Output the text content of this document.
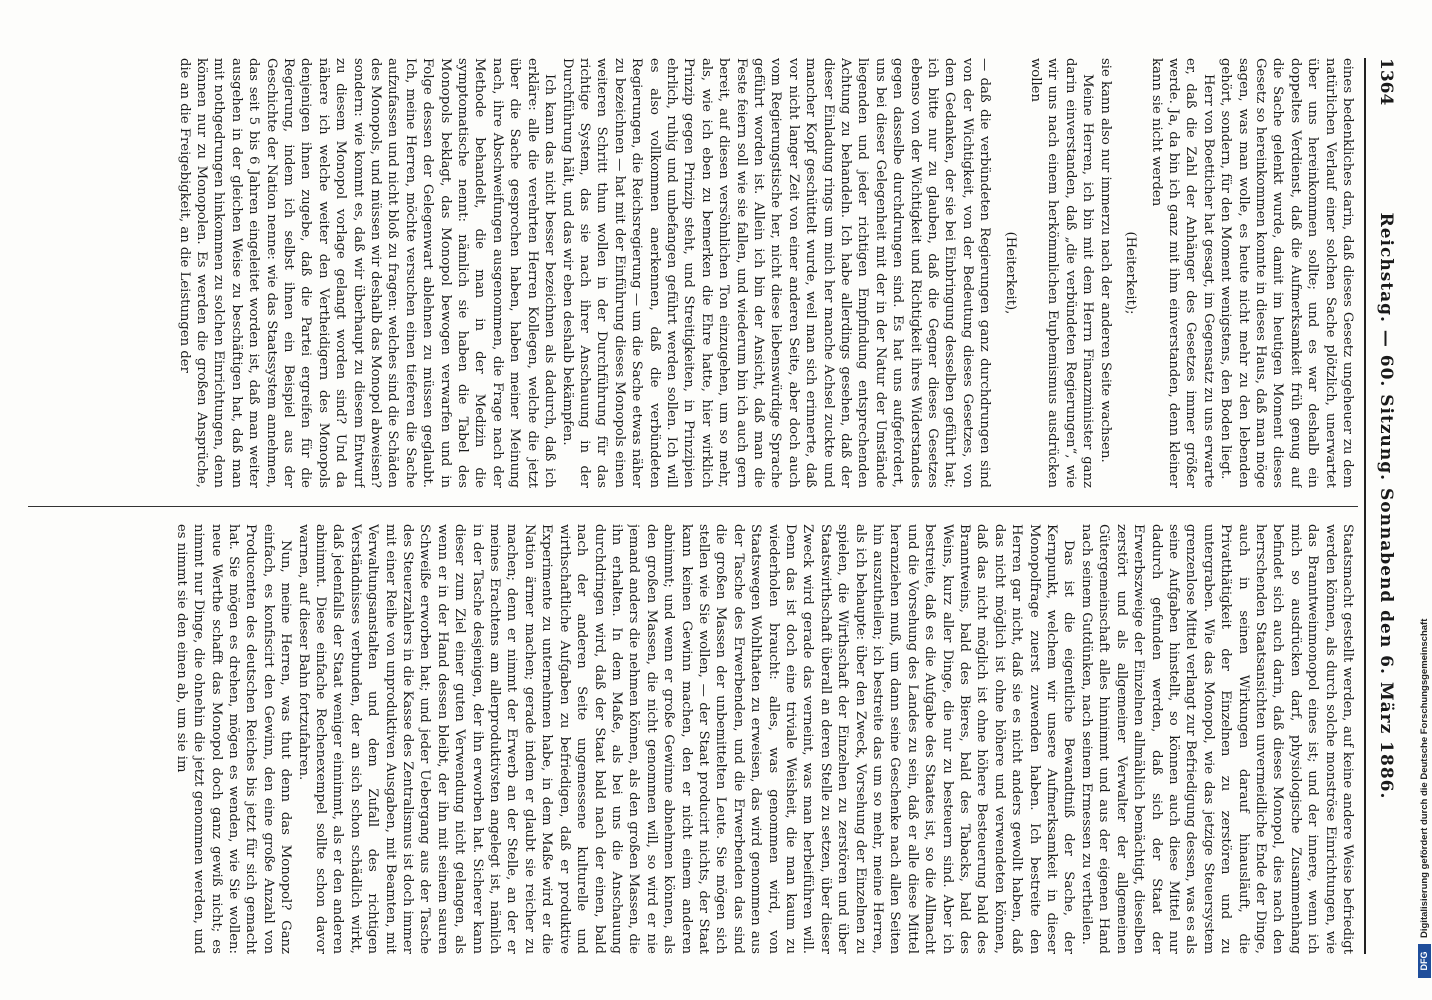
1364
Reichstag. — 60. Sitzung. Sonnabend den 6. März 1886.

eines bedenkliches darin, daß dieses Gesetz ungeheuer zu dem natürlichen Verlauf einer solchen Sache plötzlich, unerwartet über uns hereinkommen sollte; und es war deshalb ein doppeltes Verdienst, daß die Aufmerksamkeit früh genug auf die Sache gelenkt wurde, damit im heutigen Moment dieses Gesetz so hereinkommen konnte in dieses Haus, daß man möge sagen, was man wolle, es heute nicht mehr zu den lebenden gehört, sondern, für den Moment wenigstens, den Boden liegt.

Herr von Boetticher hat gesagt, im Gegensatz zu uns erwarte er, daß die Zahl der Anhänger des Gesetzes immer größer werde. Ja, da bin ich ganz mit ihm einverstanden, denn kleiner kann sie nicht werden

(Heiterkeit);

sie kann also nur immerzu nach der anderen Seite wachsen.

Meine Herren, ich bin mit dem Herrn Finanzminister ganz darin einverstanden, daß „die verbündeten Regierungen“, wie wir uns nach einem herkömmlichen Euphemismus ausdrücken wollen

(Heiterkeit),

— daß die verbündeten Regierungen ganz durchdrungen sind von der Wichtigkeit, von der Bedeutung dieses Gesetzes, von dem Gedanken, der sie bei Einbringung desselben geführt hat; ich bitte nur zu glauben, daß die Gegner dieses Gesetzes ebenso von der Wichtigkeit und Richtigkeit ihres Widerstandes gegen dasselbe durchdrungen sind. Es hat uns aufgefordert, uns bei dieser Gelegenheit mit der in der Natur der Umstände liegenden und jeder richtigen Empfindung entsprechenden Achtung zu behandeln. Ich habe allerdings gesehen, daß der dieser Einladung rings um mich her manche Achsel zuckte und mancher Kopf geschüttelt wurde, weil man sich erinnerte, daß vor nicht langer Zeit von einer anderen Seite, aber doch auch vom Regierungstische her, nicht diese liebenswürdige Sprache geführt worden ist. Allein ich bin der Ansicht, daß man die Feste feiern soll wie sie fallen, und wiederum bin ich auch gern bereit, auf diesen versöhnlichen Ton einzugehen, um so mehr, als, wie ich eben zu bemerken die Ehre hatte, hier wirklich Prinzip gegen Prinzip steht, und Streitigkeiten, in Prinzipien ehrlich, ruhig und unbefangen geführt werden sollen. Ich will es also vollkommen anerkennen, daß die verbündeten Regierungen, die Reichsregierung — um die Sache etwas näher zu bezeichnen — hat mit der Einführung dieses Monopols einen weiteren Schritt thun wollen in der Durchführung für das richtige System, das sie nach ihrer Anschauung in der Durchführung hält, und das wir eben deshalb bekämpfen.

Ich kann das nicht besser bezeichnen als dadurch, daß ich erkläre: alle die verehrten Herren Kollegen, welche die jetzt über die Sache gesprochen haben, haben meiner Meinung nach, ihre Abschweifungen ausgenommen, die Frage nach der Methode behandelt, die man in der Medizin die symptomatische nennt: nämlich sie haben die Tabel des Monopols beklagt, das Monopol bewogen verwarfen und in Folge dessen der Gelegenwart ablehnen zu müssen geglaubt. Ich, meine Herren, möchte versuchen einen tieferen die Sache aufzufassen und nicht bloß zu fragen: welches sind die Schäden des Monopols, und müssen wir deshalb das Monopol abweisen? sondern: wie kommt es, daß wir überhaupt zu diesem Entwurf zu diesem Monopol vorlage gelangt worden sind? Und da nähere ich welche weiter den Vertheidigern des Monopols denjenigen ihnen zugebe, daß die Partei ergreifen für die Regierung, indem ich selbst ihnen ein Beispiel aus der Geschichte der Nation nenne: wie das Staatssystem annehmen, das seit 5 bis 6 Jahren eingeleitet worden ist, daß man weiter ausgehen in der gleichen Weise zu beschäftigen hat, daß man mit nothgedrungen hinkommen zu solchen Einrichtungen, denn können nur zu Monopolen. Es werden die großen Ansprüche, die an die Freigebigkeit, an die Leistungen der

Staatsmacht gestellt werden, auf keine andere Weise befriedigt werden können, als durch solche monströse Einrichtungen, wie das Branntweinmonopol eines ist; und der innere, wenn ich mich so ausdrücken darf, physiologische Zusammenhang befindet sich auch darin, daß dieses Monopol, dies nach den herrschenden Staatsansichten unvermeidliche Ende der Dinge, auch in seinen Wirkungen darauf hinausläuft, die Privatthätigkeit der Einzelnen zu zerstören und zu untergraben. Wie das Monopol, wie das jetzige Steuersystem grenzenlose Mittel verlangt zur Befriedigung dessen, was es als seine Aufgaben hinstellt, so können auch diese Mittel nur dadurch gefunden werden, daß sich der Staat der Erwerbszweige der Einzelnen allmählich bemächtigt, dieselben zerstört und als allgemeiner Verwalter der allgemeinen Gütergemeinschaft alles hinnimmt und aus der eigenen Hand nach seinem Gutdünken, nach seinem Ermessen zu vertheilen.

Das ist die eigentliche Bewandtniß der Sache, der Kernpunkt, welchem wir unsere Aufmerksamkeit in dieser Monopolfrage zuerst zuwenden haben. Ich bestreite den Herren gar nicht, daß sie es nicht anders gewollt haben, daß das nicht möglich ist ohne höhere und verwendeten können, daß das nicht möglich ist ohne höhere Besteuerung bald des Branntweins, bald des Bieres, bald des Tabacks, bald des Weins, kurz aller Dinge, die nur zu besteuern sind. Aber ich bestreite, daß es die Aufgabe des Staates ist, so die Allmacht und die Vorsehung des Landes zu sein, daß er alle diese Mittel heranziehen muß, um dann seine Geschenke nach allen Seiten hin auszutheilen; ich bestreite das um so mehr, meine Herren, als ich behaupte: über den Zweck, Vorsehung der Einzelnen zu spielen, die Wirthschaft der Einzelnen zu zerstören und über Staatswirthschaft überall an deren Stelle zu setzen, über dieser Zweck wird gerade das verneint, was man herbeiführen will. Denn das ist doch eine triviale Weisheit, die man kaum zu wiederholen braucht: alles, was genommen wird, von Staatswegen Wohlthaten zu erweisen, das wird genommen aus der Tasche des Erwerbenden, und die Erwerbenden das sind die großen Massen der unbemittelten Leute. Sie mögen sich stellen wie Sie wollen, — der Staat producirt nichts, der Staat kann keinen Gewinn machen, den er nicht einem anderen abnimmt; und wenn er große Gewinne abnehmen können, als den großen Massen, die nicht genommen will, so wird er nie jemand anders die nehmen können, als den großen Massen, die ihn erhalten. In dem Maße, als bei uns die Anschauung durchdringen wird, daß der Staat bald nach der einen, bald nach der anderen Seite ungemessene kulturelle und wirthschaftliche Aufgaben zu befriedigen, daß er produktive Experimente zu unternehmen habe, in dem Maße wird er die Nation ärmer machen; gerade indem er glaubt sie reicher zu machen; denn er nimmt der Erwerb an der Stelle, an der er meines Erachtens am allerproduktivsten angelegt ist, nämlich in der Tasche desjenigen, der ihn erworben hat. Sicherer kann dieser zum Ziel einer guten Verwendung nicht gelangen, als wenn er in der Hand dessen bleibt, der ihn mit seinem sauren Schweiße erworben hat; und jeder Uebergang aus der Tasche des Steuerzahlers in die Kasse des Zentralismus ist doch immer mit einer Reihe von unproduktiven Ausgaben, mit Beamten, mit Verwaltungsanstalten und dem Zufall des richtigen Verständnisses verbunden, der an sich schon schädlich wirkt, daß jedenfalls der Staat weniger einnimmt, als er den anderen abnimmt. Diese einfache Rechenexempel sollte schon davor warnen, auf dieser Bahn fortzufahren.

Nun, meine Herren, was thut denn das Monopol? Ganz einfach, es konfiscirt den Gewinn, den eine große Anzahl von Producenten des deutschen Reiches bis jetzt für sich gemacht hat. Sie mögen es drehen, mögen es wenden, wie Sie wollen: neue Werthe schafft das Monopol doch ganz gewiß nicht; es nimmt nur Dinge, die ohnehin die jetzt genommen werden, und es nimmt sie den einen ab, um sie im

DFG
Digitalisierung gefördert durch die Deutsche Forschungsgemeinschaft
